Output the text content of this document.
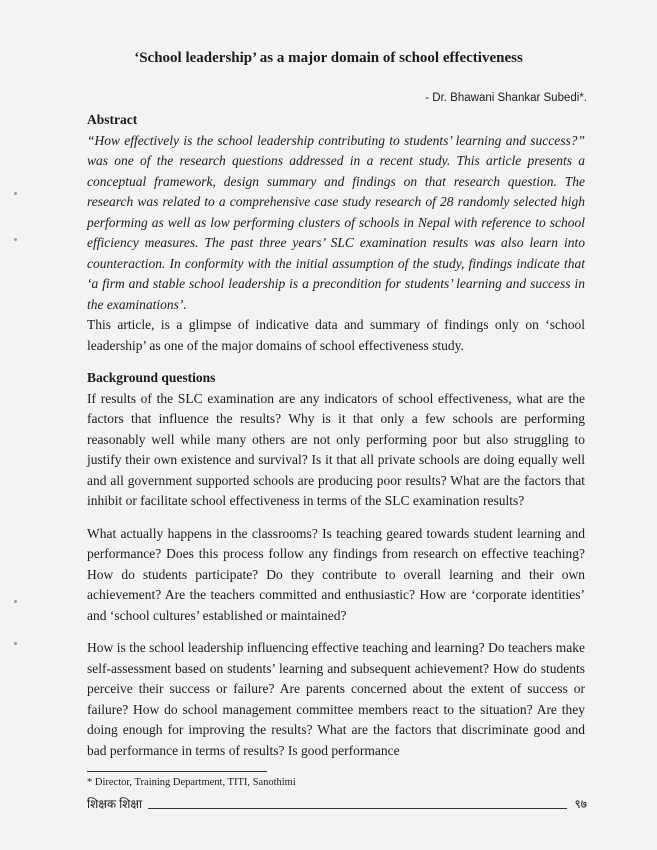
‘School leadership’ as a major domain of school effectiveness
- Dr. Bhawani Shankar Subedi*.
Abstract
“How effectively is the school leadership contributing to students’ learning and success?” was one of the research questions addressed in a recent study. This article presents a conceptual framework, design summary and findings on that research question. The research was related to a comprehensive case study research of 28 randomly selected high performing as well as low performing clusters of schools in Nepal with reference to school efficiency measures. The past three years’ SLC examination results was also learn into counteraction. In conformity with the initial assumption of the study, findings indicate that ‘a firm and stable school leadership is a precondition for students’ learning and success in the examinations’.
This article, is a glimpse of indicative data and summary of findings only on ‘school leadership’ as one of the major domains of school effectiveness study.
Background questions
If results of the SLC examination are any indicators of school effectiveness, what are the factors that influence the results? Why is it that only a few schools are performing reasonably well while many others are not only performing poor but also struggling to justify their own existence and survival? Is it that all private schools are doing equally well and all government supported schools are producing poor results? What are the factors that inhibit or facilitate school effectiveness in terms of the SLC examination results?
What actually happens in the classrooms? Is teaching geared towards student learning and performance? Does this process follow any findings from research on effective teaching? How do students participate? Do they contribute to overall learning and their own achievement? Are the teachers committed and enthusiastic? How are ‘corporate identities’ and ‘school cultures’ established or maintained?
How is the school leadership influencing effective teaching and learning? Do teachers make self-assessment based on students’ learning and subsequent achievement? How do students perceive their success or failure? Are parents concerned about the extent of success or failure? How do school management committee members react to the situation? Are they doing enough for improving the results? What are the factors that discriminate good and bad performance in terms of results? Is good performance
* Director, Training Department, TITI, Sanothimi
शिक्षक शिक्षा	९७
